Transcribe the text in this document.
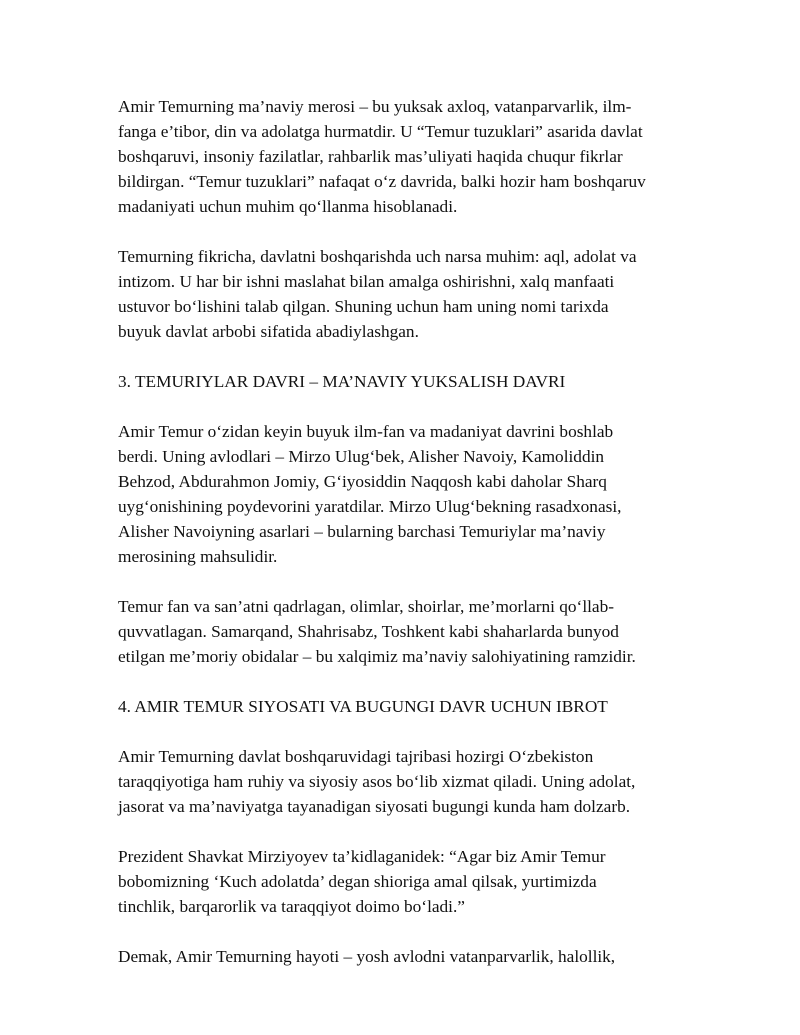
Amir Temurning ma’naviy merosi – bu yuksak axloq, vatanparvarlik, ilm-
fanga e’tibor, din va adolatga hurmatdir. U “Temur tuzuklari” asarida davlat
boshqaruvi, insoniy fazilatlar, rahbarlik mas’uliyati haqida chuqur fikrlar
bildirgan. “Temur tuzuklari” nafaqat o‘z davrida, balki hozir ham boshqaruv
madaniyati uchun muhim qo‘llanma hisoblanadi.

Temurning fikricha, davlatni boshqarishda uch narsa muhim: aql, adolat va
intizom. U har bir ishni maslahat bilan amalga oshirishni, xalq manfaati
ustuvor bo‘lishini talab qilgan. Shuning uchun ham uning nomi tarixda
buyuk davlat arbobi sifatida abadiylashgan.

3. TEMURIYLAR DAVRI – MA’NAVIY YUKSALISH DAVRI

Amir Temur o‘zidan keyin buyuk ilm-fan va madaniyat davrini boshlab
berdi. Uning avlodlari – Mirzo Ulug‘bek, Alisher Navoiy, Kamoliddin
Behzod, Abdurahmon Jomiy, G‘iyosiddin Naqqosh kabi daholar Sharq
uyg‘onishining poydevorini yaratdilar. Mirzo Ulug‘bekning rasadxonasi,
Alisher Navoiyning asarlari – bularning barchasi Temuriylar ma’naviy
merosining mahsulidir.

Temur fan va san’atni qadrlagan, olimlar, shoirlar, me’morlarni qo‘llab-
quvvatlagan. Samarqand, Shahrisabz, Toshkent kabi shaharlarda bunyod
etilgan me’moriy obidalar – bu xalqimiz ma’naviy salohiyatining ramzidir.

4. AMIR TEMUR SIYOSATI VA BUGUNGI DAVR UCHUN IBROT

Amir Temurning davlat boshqaruvidagi tajribasi hozirgi O‘zbekiston
taraqqiyotiga ham ruhiy va siyosiy asos bo‘lib xizmat qiladi. Uning adolat,
jasorat va ma’naviyatga tayanadigan siyosati bugungi kunda ham dolzarb.

Prezident Shavkat Mirziyoyev ta’kidlaganidek: “Agar biz Amir Temur
bobomizning ‘Kuch adolatda’ degan shioriga amal qilsak, yurtimizda
tinchlik, barqarorlik va taraqqiyot doimo bo‘ladi.”

Demak, Amir Temurning hayoti – yosh avlodni vatanparvarlik, halollik,
